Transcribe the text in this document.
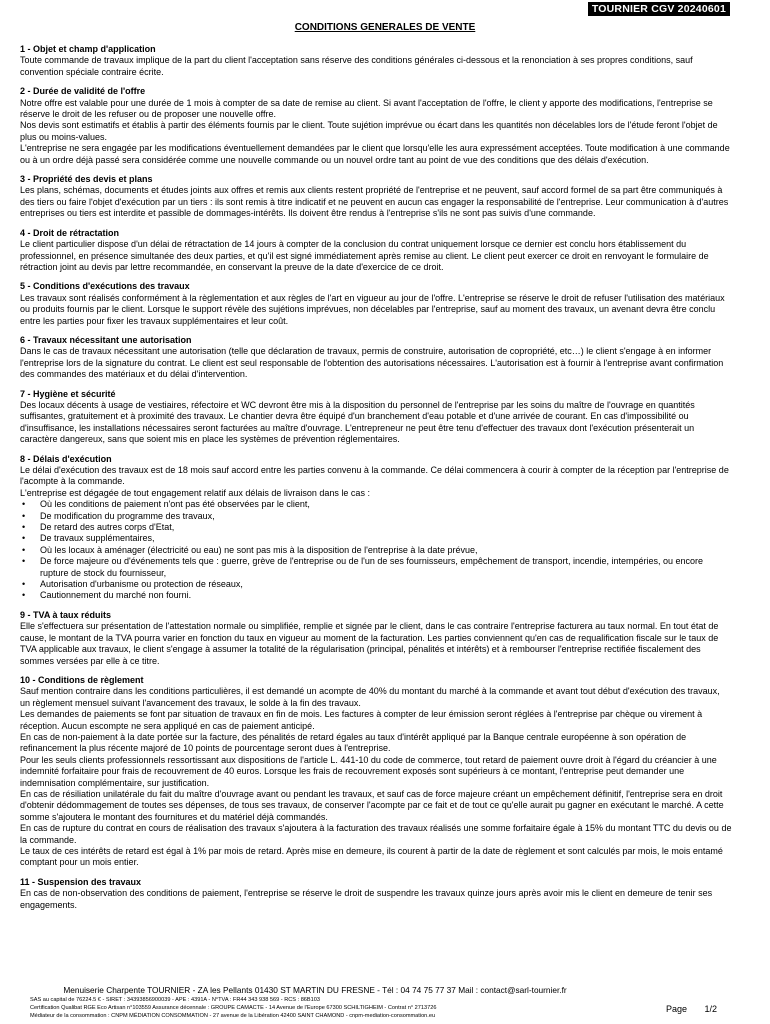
TOURNIER CGV 20240601
CONDITIONS GENERALES DE VENTE
1 - Objet et champ d'application

Toute commande de travaux implique de la part du client l'acceptation sans réserve des conditions générales ci-dessous et la renonciation à ses propres conditions, sauf convention spéciale contraire écrite.

2 - Durée de validité de l'offre

Notre offre est valable pour une durée de 1 mois à compter de sa date de remise au client. Si avant l'acceptation de l'offre, le client y apporte des modifications, l'entreprise se réserve le droit de les refuser ou de proposer une nouvelle offre.

Nos devis sont estimatifs et établis à partir des éléments fournis par le client. Toute sujétion imprévue ou écart dans les quantités non décelables lors de l'étude feront l'objet de plus ou moins-values.

L'entreprise ne sera engagée par les modifications éventuellement demandées par le client que lorsqu'elle les aura expressément acceptées. Toute modification à une commande ou à un ordre déjà passé sera considérée comme une nouvelle commande ou un nouvel ordre tant au point de vue des conditions que des délais d'exécution.

3 - Propriété des devis et plans

Les plans, schémas, documents et études joints aux offres et remis aux clients restent propriété de l'entreprise et ne peuvent, sauf accord formel de sa part être communiqués à des tiers ou faire l'objet d'exécution par un tiers : ils sont remis à titre indicatif et ne peuvent en aucun cas engager la responsabilité de l'entreprise. Leur communication à d'autres entreprises ou tiers est interdite et passible de dommages-intérêts. Ils doivent être rendus à l'entreprise s'ils ne sont pas suivis d'une commande.

4 - Droit de rétractation

Le client particulier dispose d'un délai de rétractation de 14 jours à compter de la conclusion du contrat uniquement lorsque ce dernier est conclu hors établissement du professionnel, en présence simultanée des deux parties, et qu'il est signé immédiatement après remise au client. Le client peut exercer ce droit en renvoyant le formulaire de rétraction joint au devis par lettre recommandée, en conservant la preuve de la date d'exercice de ce droit.

5 - Conditions d'exécutions des travaux

Les travaux sont réalisés conformément à la règlementation et aux règles de l'art en vigueur au jour de l'offre. L'entreprise se réserve le droit de refuser l'utilisation des matériaux ou produits fournis par le client. Lorsque le support révèle des sujétions imprévues, non décelables par l'entreprise, sauf au moment des travaux, un avenant devra être conclu entre les parties pour fixer les travaux supplémentaires et leur coût.

6 - Travaux nécessitant une autorisation

Dans le cas de travaux nécessitant une autorisation (telle que déclaration de travaux, permis de construire, autorisation de copropriété, etc…) le client s'engage à en informer l'entreprise lors de la signature du contrat. Le client est seul responsable de l'obtention des autorisations nécessaires. L'autorisation est à fournir à l'entreprise avant confirmation des commandes des matériaux et du délai d'intervention.

7 - Hygiène et sécurité

Des locaux décents à usage de vestiaires, réfectoire et WC devront être mis à la disposition du personnel de l'entreprise par les soins du maître de l'ouvrage en quantités suffisantes, gratuitement et à proximité des travaux. Le chantier devra être équipé d'un branchement d'eau potable et d'une arrivée de courant. En cas d'impossibilité ou d'insuffisance, les installations nécessaires seront facturées au maître d'ouvrage. L'entrepreneur ne peut être tenu d'effectuer des travaux dont l'exécution présenterait un caractère dangereux, sans que soient mis en place les systèmes de prévention réglementaires.

8 - Délais d'exécution

Le délai d'exécution des travaux est de 18 mois sauf accord entre les parties convenu à la commande. Ce délai commencera à courir à compter de la réception par l'entreprise de l'acompte à la commande.

L'entreprise est dégagée de tout engagement relatif aux délais de livraison dans le cas :

• Où les conditions de paiement n'ont pas été observées par le client,
• De modification du programme des travaux,
• De retard des autres corps d'Etat,
• De travaux supplémentaires,
• Où les locaux à aménager (électricité ou eau) ne sont pas mis à la disposition de l'entreprise à la date prévue,
• De force majeure ou d'événements tels que : guerre, grève de l'entreprise ou de l'un de ses fournisseurs, empêchement de transport, incendie, intempéries, ou encore rupture de stock du fournisseur,
• Autorisation d'urbanisme ou protection de réseaux,
• Cautionnement du marché non fourni.
9 - TVA à taux réduits

Elle s'effectuera sur présentation de l'attestation normale ou simplifiée, remplie et signée par le client, dans le cas contraire l'entreprise facturera au taux normal. En tout état de cause, le montant de la TVA pourra varier en fonction du taux en vigueur au moment de la facturation. Les parties conviennent qu'en cas de requalification fiscale sur le taux de TVA applicable aux travaux, le client s'engage à assumer la totalité de la régularisation (principal, pénalités et intérêts) et à rembourser l'entreprise rectifiée fiscalement des sommes versées par elle à ce titre.

10 - Conditions de règlement

Sauf mention contraire dans les conditions particulières, il est demandé un acompte de 40% du montant du marché à la commande et avant tout début d'exécution des travaux, un règlement mensuel suivant l'avancement des travaux, le solde à la fin des travaux.

Les demandes de paiements se font par situation de travaux en fin de mois. Les factures à compter de leur émission seront réglées à l'entreprise par chèque ou virement à réception. Aucun escompte ne sera appliqué en cas de paiement anticipé.

En cas de non-paiement à la date portée sur la facture, des pénalités de retard égales au taux d'intérêt appliqué par la Banque centrale européenne à son opération de refinancement la plus récente majoré de 10 points de pourcentage seront dues à l'entreprise.

Pour les seuls clients professionnels ressortissant aux dispositions de l'article L. 441-10 du code de commerce, tout retard de paiement ouvre droit à l'égard du créancier à une indemnité forfaitaire pour frais de recouvrement de 40 euros. Lorsque les frais de recouvrement exposés sont supérieurs à ce montant, l'entreprise peut demander une indemnisation complémentaire, sur justification.

En cas de résiliation unilatérale du fait du maître d'ouvrage avant ou pendant les travaux, et sauf cas de force majeure créant un empêchement définitif, l'entreprise sera en droit d'obtenir dédommagement de toutes ses dépenses, de tous ses travaux, de conserver l'acompte par ce fait et de tout ce qu'elle aurait pu gagner en exécutant le marché. A cette somme s'ajoutera le montant des fournitures et du matériel déjà commandés.

En cas de rupture du contrat en cours de réalisation des travaux s'ajoutera à la facturation des travaux réalisés une somme forfaitaire égale à 15% du montant TTC du devis ou de la commande.

Le taux de ces intérêts de retard est égal à 1% par mois de retard. Après mise en demeure, ils courent à partir de la date de règlement et sont calculés par mois, le mois entamé comptant pour un mois entier.

11 - Suspension des travaux

En cas de non-observation des conditions de paiement, l'entreprise se réserve le droit de suspendre les travaux quinze jours après avoir mis le client en demeure de tenir ses engagements.

Menuiserie Charpente TOURNIER - ZA les Pellants 01430 ST MARTIN DU FRESNE - Tél : 04 74 75 77 37 Mail : contact@sarl-tournier.fr
SAS au capital de 76224.5 € - SIRET : 34393856900039 - APE : 4391A - N°TVA : FR44 343 938 569 - RCS : 86B103
Certification Qualibat RGE Eco Artisan n°103559 Assurance décennale : GROUPE CAMACTE - 14 Avenue de l'Europe 67300 SCHILTIGHEIM - Contrat n° 2713726
Médiateur de la consommation : CNPM MÉDIATION CONSOMMATION - 27 avenue de la Libération 42400 SAINT CHAMOND - cnpm-mediation-consommation.eu
Page 1/2
